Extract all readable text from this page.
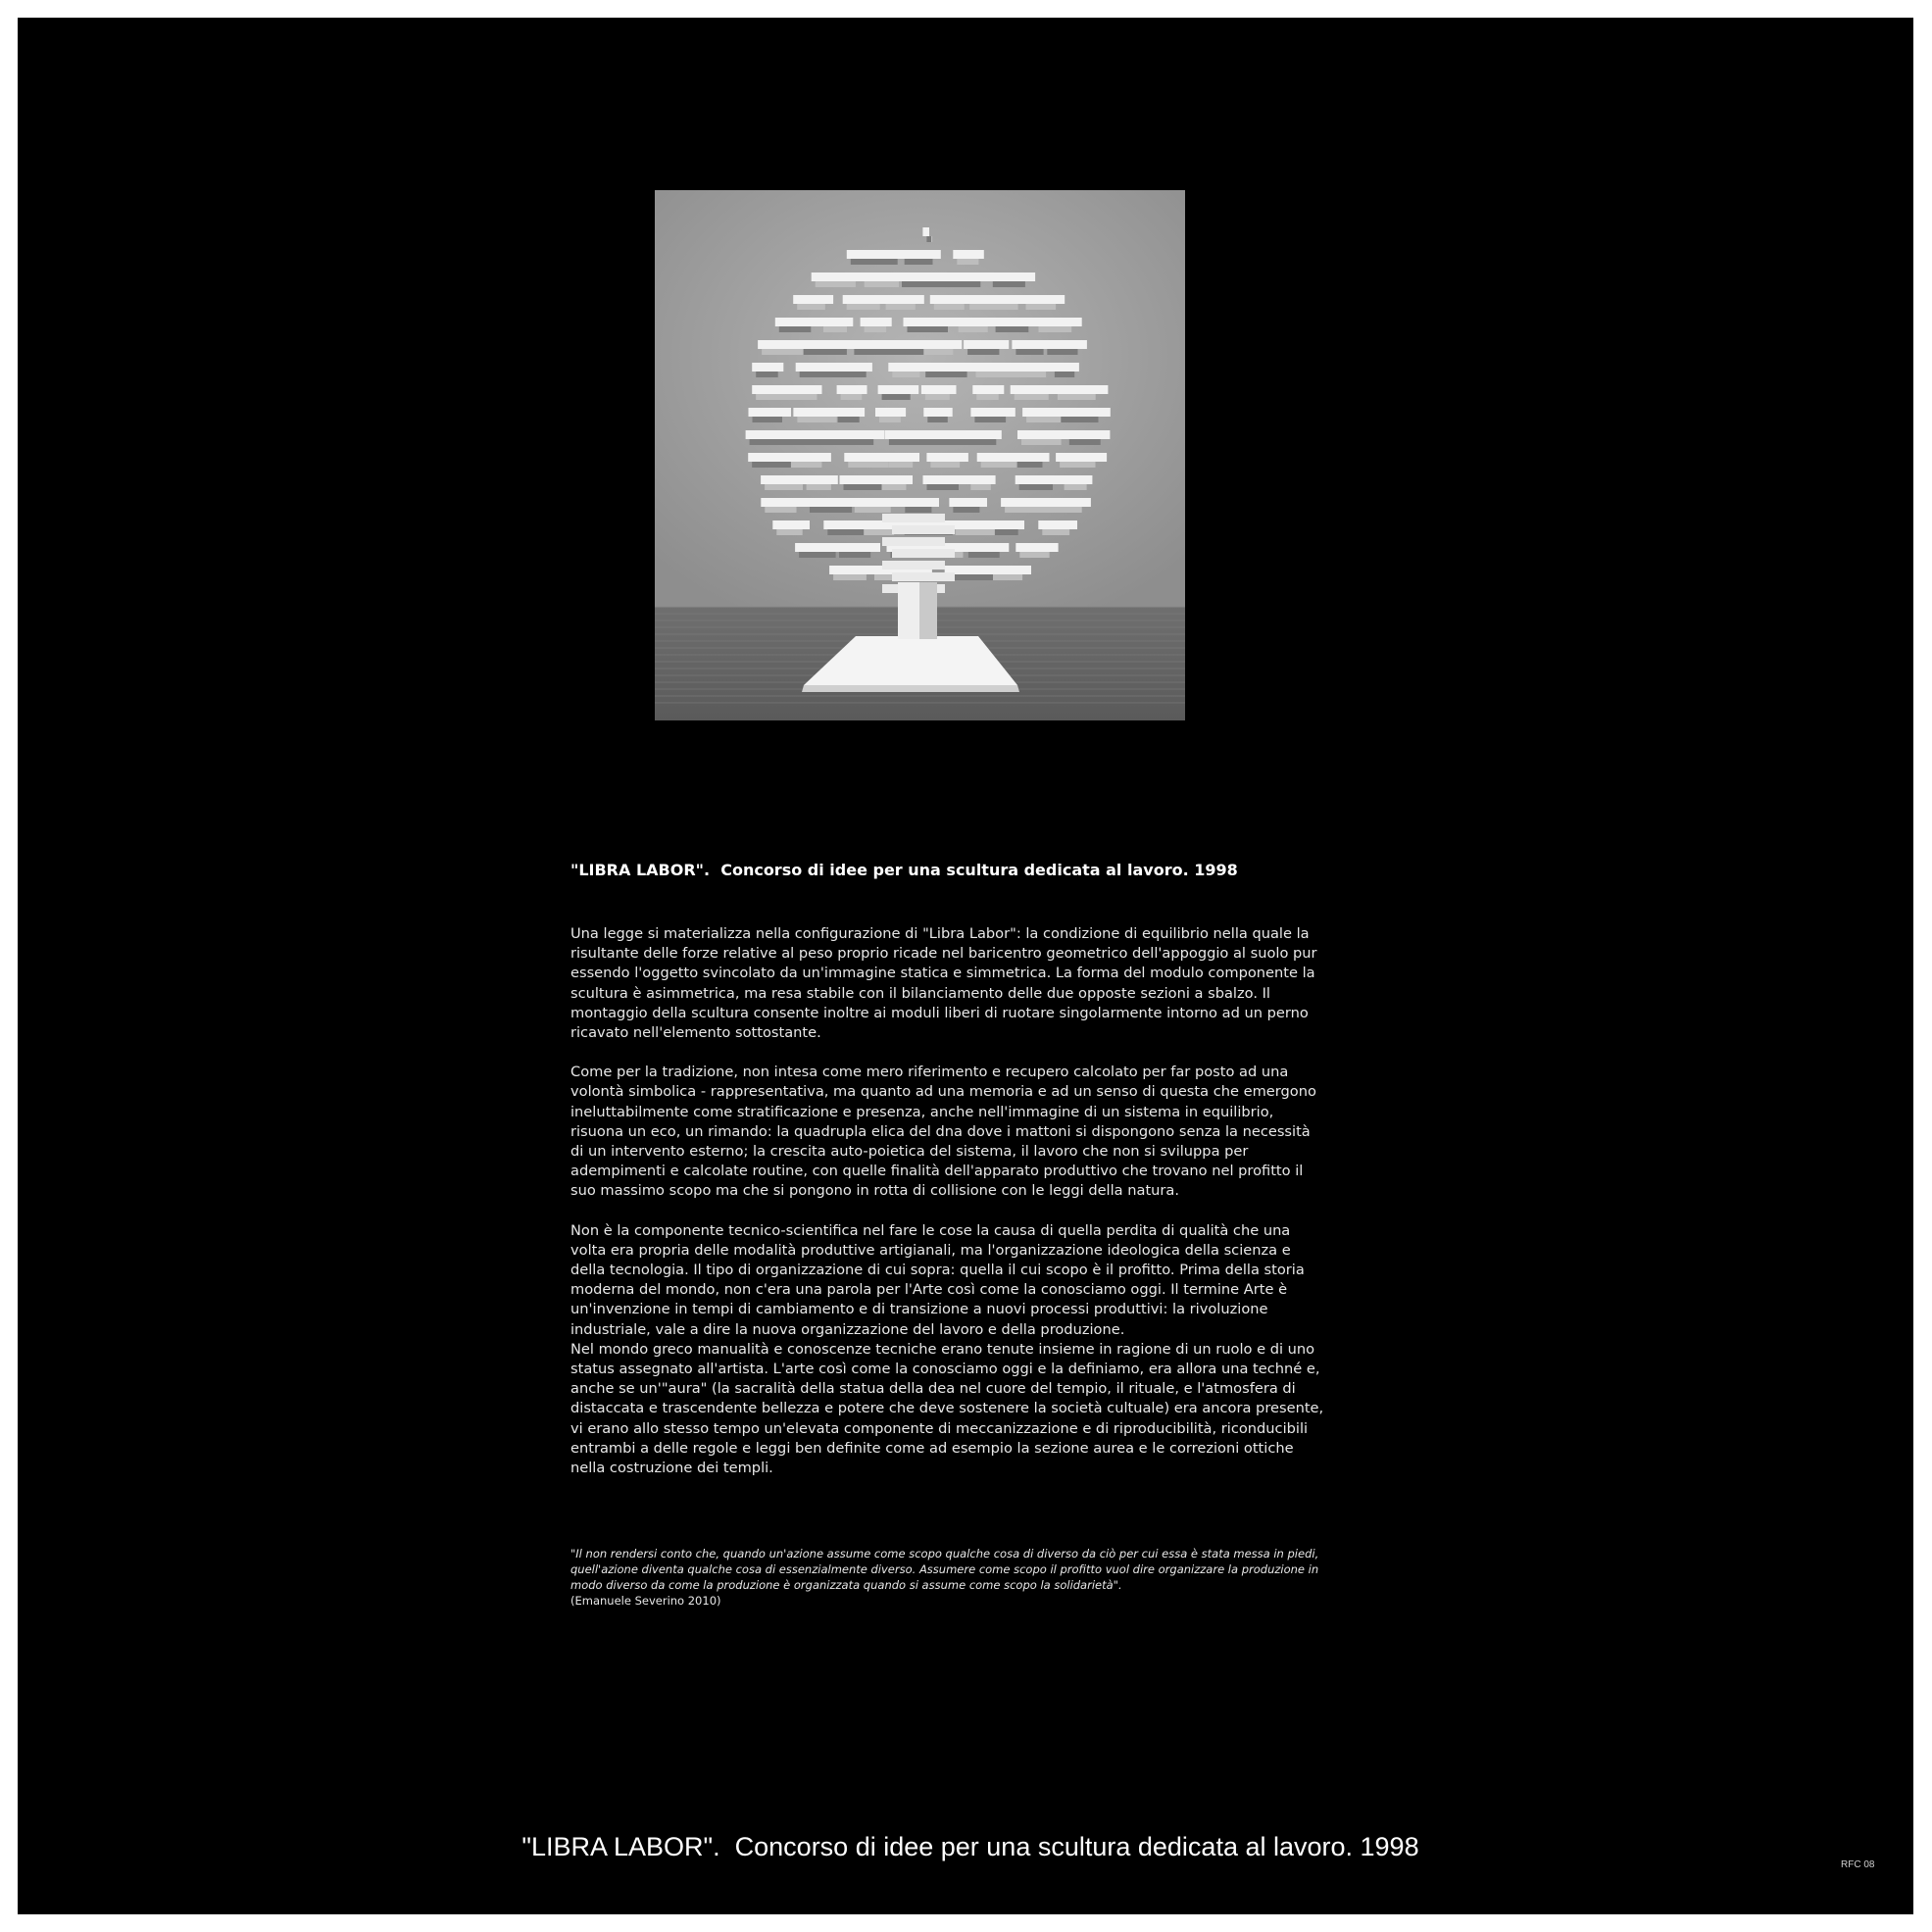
"LIBRA LABOR".  Concorso di idee per una scultura dedicata al lavoro. 1998

Una legge si materializza nella configurazione di "Libra Labor": la condizione di equilibrio nella quale la risultante delle forze relative al peso proprio ricade nel baricentro geometrico dell'appoggio al suolo pur essendo l'oggetto svincolato da un'immagine statica e simmetrica. La forma del modulo componente la scultura è asimmetrica, ma resa stabile con il bilanciamento delle due opposte sezioni a sbalzo. Il montaggio della scultura consente inoltre ai moduli liberi di ruotare singolarmente intorno ad un perno ricavato nell'elemento sottostante.

Come per la tradizione, non intesa come mero riferimento e recupero calcolato per far posto ad una volontà simbolica - rappresentativa, ma quanto ad una memoria e ad un senso di questa che emergono ineluttabilmente come stratificazione e presenza, anche nell'immagine di un sistema in equilibrio, risuona un eco, un rimando: la quadrupla elica del dna dove i mattoni si dispongono senza la necessità di un intervento esterno; la crescita auto-poietica del sistema, il lavoro che non si sviluppa per adempimenti e calcolate routine, con quelle finalità dell'apparato produttivo che trovano nel profitto il suo massimo scopo ma che si pongono in rotta di collisione con le leggi della natura.

Non è la componente tecnico-scientifica nel fare le cose la causa di quella perdita di qualità che una volta era propria delle modalità produttive artigianali, ma l'organizzazione ideologica della scienza e della tecnologia. Il tipo di organizzazione di cui sopra: quella il cui scopo è il profitto. Prima della storia moderna del mondo, non c'era una parola per l'Arte così come la conosciamo oggi. Il termine Arte è un'invenzione in tempi di cambiamento e di transizione a nuovi processi produttivi: la rivoluzione industriale, vale a dire la nuova organizzazione del lavoro e della produzione.

Nel mondo greco manualità e conoscenze tecniche erano tenute insieme in ragione di un ruolo e di uno status assegnato all'artista. L'arte così come la conosciamo oggi e la definiamo, era allora una techné e, anche se un'"aura" (la sacralità della statua della dea nel cuore del tempio, il rituale, e l'atmosfera di distaccata e trascendente bellezza e potere che deve sostenere la società cultuale) era ancora presente, vi erano allo stesso tempo un'elevata componente di meccanizzazione e di riproducibilità, riconducibili entrambi a delle regole e leggi ben definite come ad esempio la sezione aurea e le correzioni ottiche nella costruzione dei templi.

"Il non rendersi conto che, quando un'azione assume come scopo qualche cosa di diverso da ciò per cui essa è stata messa in piedi, quell'azione diventa qualche cosa di essenzialmente diverso. Assumere come scopo il profitto vuol dire organizzare la produzione in modo diverso da come la produzione è organizzata quando si assume come scopo la solidarietà".
(Emanuele Severino 2010)
"LIBRA LABOR".  Concorso di idee per una scultura dedicata al lavoro. 1998
RFC 08
